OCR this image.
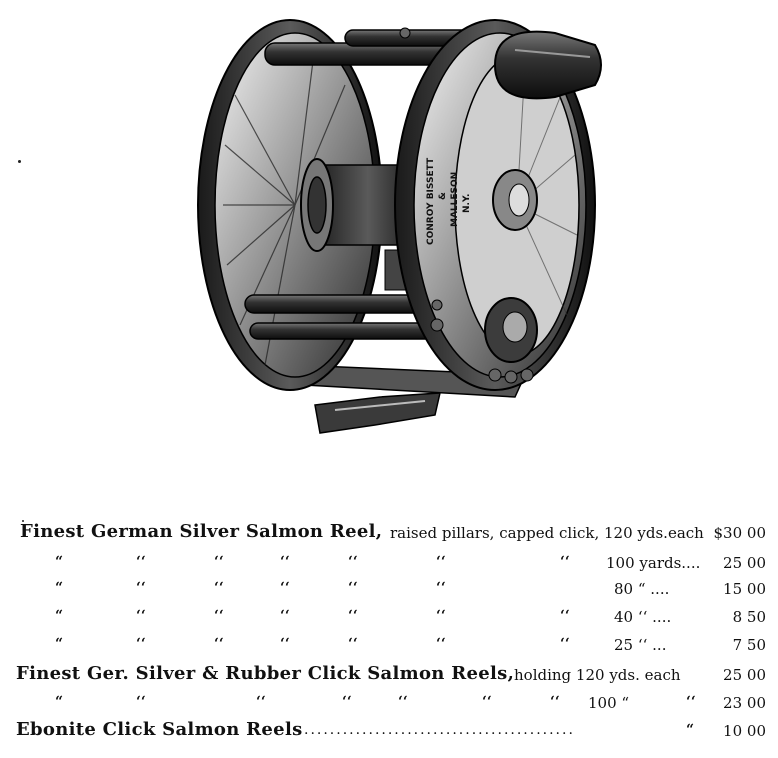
CONROY BISSETT & MALLESON N.Y.
Finest German Silver Salmon Reel, raised pillars, capped click, 120 yds.each $30 00
“	‘‘	‘‘	‘‘	‘‘	‘‘	‘‘ 100 yards....	25 00
“	‘‘	‘‘	‘‘	‘‘	‘‘	80 “ ....	15 00
“	‘‘	‘‘	‘‘	‘‘	‘‘	‘‘	40 ‘‘ ....	8 50
“	‘‘	‘‘	‘‘	‘‘	‘‘	‘‘	25 ‘‘ ...	7 50
Finest Ger. Silver & Rubber Click Salmon Reels, holding 120 yds. each	25 00
“	‘‘	‘‘	‘‘	‘‘	‘‘	‘‘ 100 “	‘‘	23 00
Ebonite Click Salmon Reels ..........................................	“	10 00
